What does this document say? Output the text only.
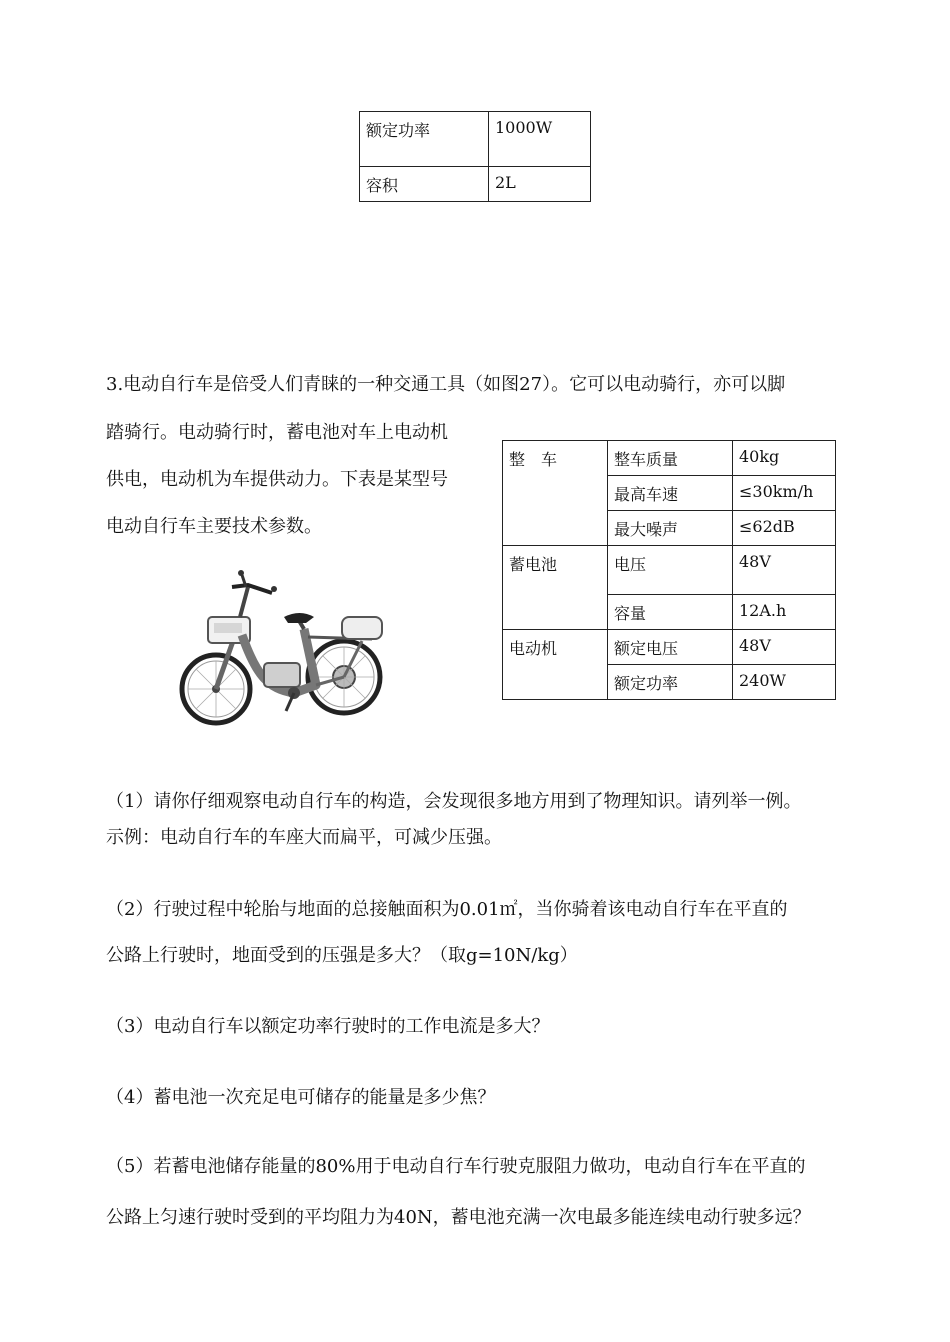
额定功率	1000W
容积	2L
3.电动自行车是倍受人们青睐的一种交通工具（如图27）。它可以电动骑行，亦可以脚
踏骑行。电动骑行时，蓄电池对车上电动机
供电，电动机为车提供动力。下表是某型号
电动自行车主要技术参数。
整　车	整车质量	40kg
	最高车速	≤30km/h
	最大噪声	≤62dB
蓄电池	电压	48V
	容量	12A.h
电动机	额定电压	48V
	额定功率	240W
（1）请你仔细观察电动自行车的构造，会发现很多地方用到了物理知识。请列举一例。
示例：电动自行车的车座大而扁平，可减少压强。
（2）行驶过程中轮胎与地面的总接触面积为0.01㎡，当你骑着该电动自行车在平直的
公路上行驶时，地面受到的压强是多大？（取g=10N/kg）
（3）电动自行车以额定功率行驶时的工作电流是多大？
（4）蓄电池一次充足电可储存的能量是多少焦？
（5）若蓄电池储存能量的80%用于电动自行车行驶克服阻力做功，电动自行车在平直的
公路上匀速行驶时受到的平均阻力为40N，蓄电池充满一次电最多能连续电动行驶多远？
